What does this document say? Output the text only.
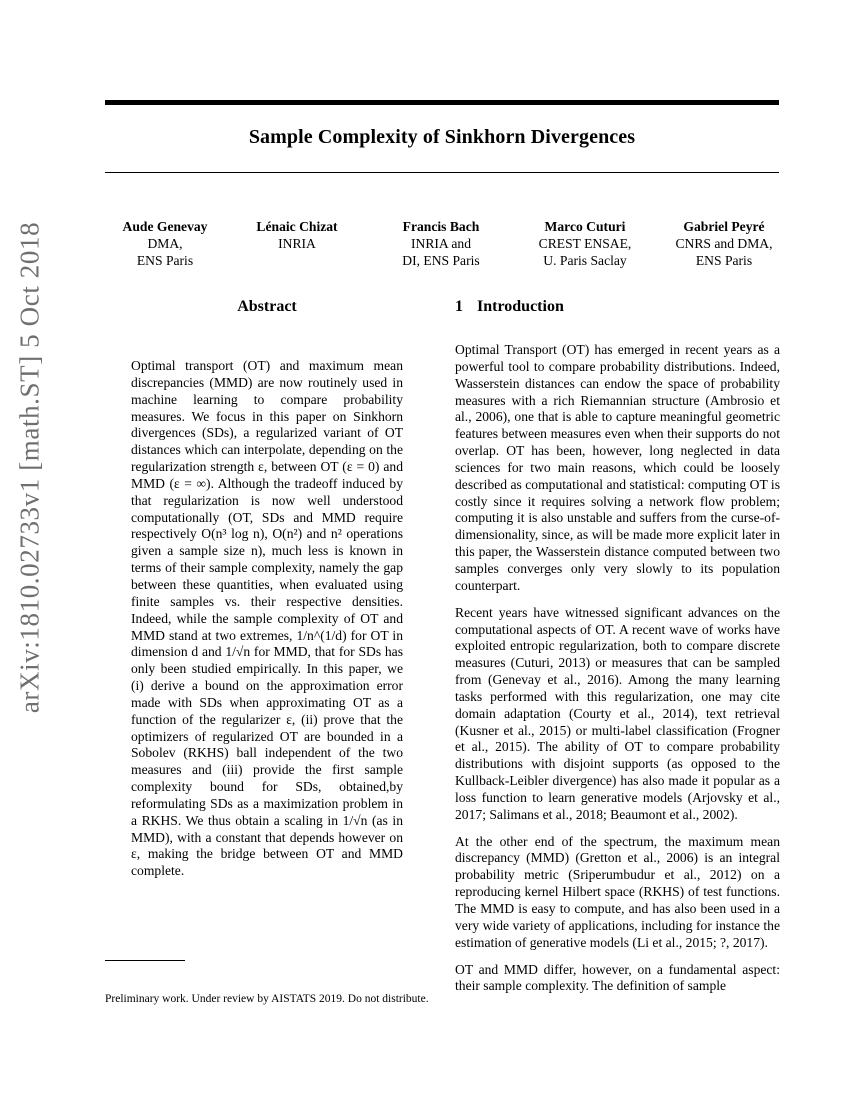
arXiv:1810.02733v1 [math.ST] 5 Oct 2018
Sample Complexity of Sinkhorn Divergences
Aude Genevay
DMA,
ENS Paris
Lénaic Chizat
INRIA
Francis Bach
INRIA and
DI, ENS Paris
Marco Cuturi
CREST ENSAE,
U. Paris Saclay
Gabriel Peyré
CNRS and DMA,
ENS Paris
Abstract
Optimal transport (OT) and maximum mean discrepancies (MMD) are now routinely used in machine learning to compare probability measures. We focus in this paper on Sinkhorn divergences (SDs), a regularized variant of OT distances which can interpolate, depending on the regularization strength ε, between OT (ε = 0) and MMD (ε = ∞). Although the tradeoff induced by that regularization is now well understood computationally (OT, SDs and MMD require respectively O(n³ log n), O(n²) and n² operations given a sample size n), much less is known in terms of their sample complexity, namely the gap between these quantities, when evaluated using finite samples vs. their respective densities. Indeed, while the sample complexity of OT and MMD stand at two extremes, 1/n^(1/d) for OT in dimension d and 1/√n for MMD, that for SDs has only been studied empirically. In this paper, we (i) derive a bound on the approximation error made with SDs when approximating OT as a function of the regularizer ε, (ii) prove that the optimizers of regularized OT are bounded in a Sobolev (RKHS) ball independent of the two measures and (iii) provide the first sample complexity bound for SDs, obtained,by reformulating SDs as a maximization problem in a RKHS. We thus obtain a scaling in 1/√n (as in MMD), with a constant that depends however on ε, making the bridge between OT and MMD complete.
1 Introduction

Optimal Transport (OT) has emerged in recent years as a powerful tool to compare probability distributions. Indeed, Wasserstein distances can endow the space of probability measures with a rich Riemannian structure (Ambrosio et al., 2006), one that is able to capture meaningful geometric features between measures even when their supports do not overlap. OT has been, however, long neglected in data sciences for two main reasons, which could be loosely described as computational and statistical: computing OT is costly since it requires solving a network flow problem; computing it is also unstable and suffers from the curse-of-dimensionality, since, as will be made more explicit later in this paper, the Wasserstein distance computed between two samples converges only very slowly to its population counterpart.

Recent years have witnessed significant advances on the computational aspects of OT. A recent wave of works have exploited entropic regularization, both to compare discrete measures (Cuturi, 2013) or measures that can be sampled from (Genevay et al., 2016). Among the many learning tasks performed with this regularization, one may cite domain adaptation (Courty et al., 2014), text retrieval (Kusner et al., 2015) or multi-label classification (Frogner et al., 2015). The ability of OT to compare probability distributions with disjoint supports (as opposed to the Kullback-Leibler divergence) has also made it popular as a loss function to learn generative models (Arjovsky et al., 2017; Salimans et al., 2018; Beaumont et al., 2002).

At the other end of the spectrum, the maximum mean discrepancy (MMD) (Gretton et al., 2006) is an integral probability metric (Sriperumbudur et al., 2012) on a reproducing kernel Hilbert space (RKHS) of test functions. The MMD is easy to compute, and has also been used in a very wide variety of applications, including for instance the estimation of generative models (Li et al., 2015; ?, 2017).

OT and MMD differ, however, on a fundamental aspect: their sample complexity. The definition of sample

Preliminary work. Under review by AISTATS 2019. Do not distribute.
